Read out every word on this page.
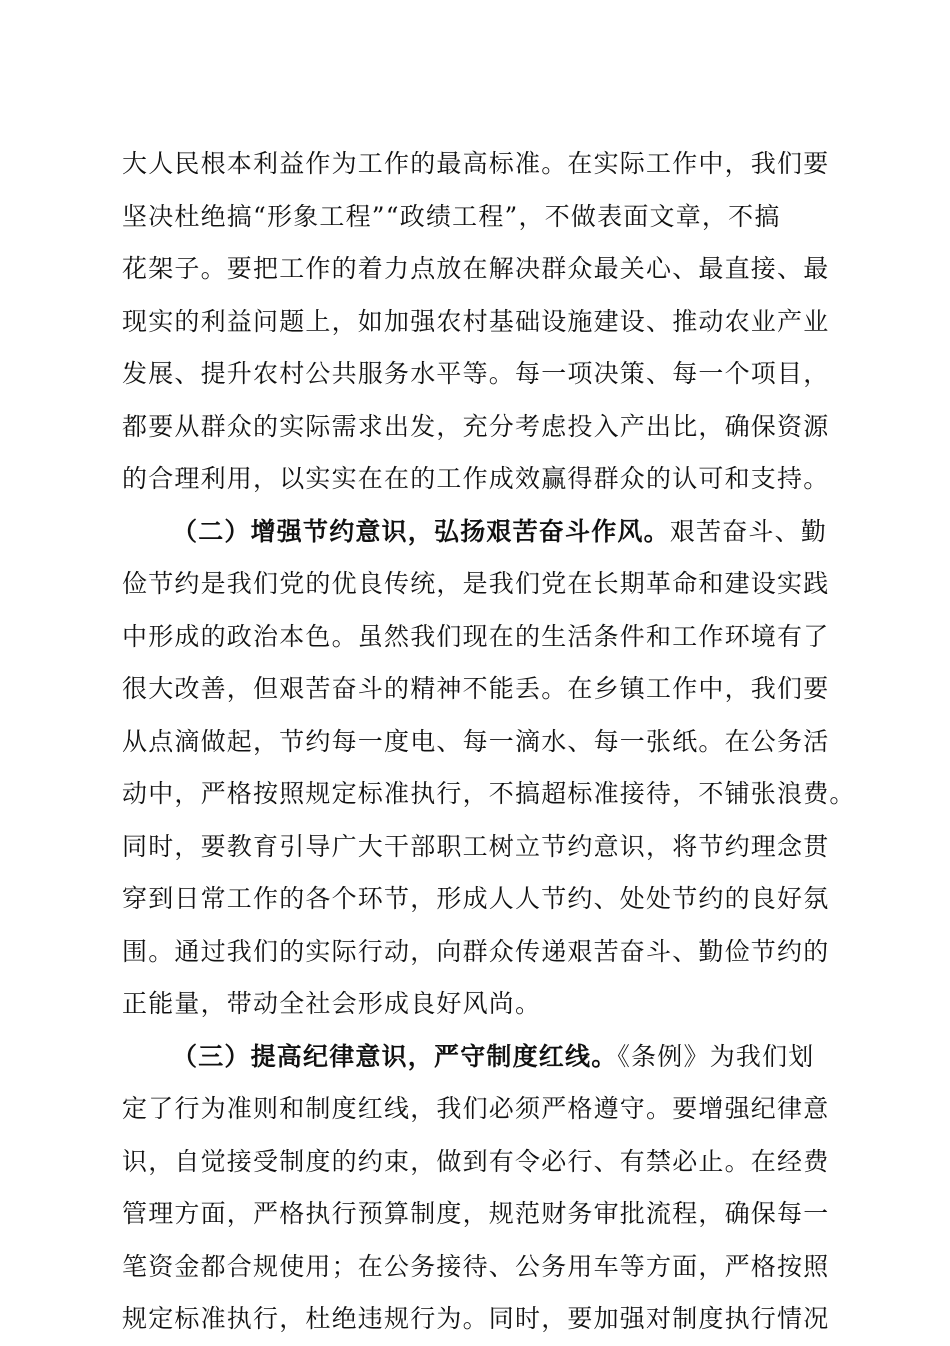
大人民根本利益作为工作的最高标准。在实际工作中，我们要
坚决杜绝搞“形象工程”“政绩工程”，不做表面文章，不搞
花架子。要把工作的着力点放在解决群众最关心、最直接、最
现实的利益问题上，如加强农村基础设施建设、推动农业产业
发展、提升农村公共服务水平等。每一项决策、每一个项目，
都要从群众的实际需求出发，充分考虑投入产出比，确保资源
的合理利用，以实实在在的工作成效赢得群众的认可和支持。
（二）增强节约意识，弘扬艰苦奋斗作风。艰苦奋斗、勤
俭节约是我们党的优良传统，是我们党在长期革命和建设实践
中形成的政治本色。虽然我们现在的生活条件和工作环境有了
很大改善，但艰苦奋斗的精神不能丢。在乡镇工作中，我们要
从点滴做起，节约每一度电、每一滴水、每一张纸。在公务活
动中，严格按照规定标准执行，不搞超标准接待，不铺张浪费。
同时，要教育引导广大干部职工树立节约意识，将节约理念贯
穿到日常工作的各个环节，形成人人节约、处处节约的良好氛
围。通过我们的实际行动，向群众传递艰苦奋斗、勤俭节约的
正能量，带动全社会形成良好风尚。
（三）提高纪律意识，严守制度红线。《条例》为我们划
定了行为准则和制度红线，我们必须严格遵守。要增强纪律意
识，自觉接受制度的约束，做到有令必行、有禁必止。在经费
管理方面，严格执行预算制度，规范财务审批流程，确保每一
笔资金都合规使用；在公务接待、公务用车等方面，严格按照
规定标准执行，杜绝违规行为。同时，要加强对制度执行情况
